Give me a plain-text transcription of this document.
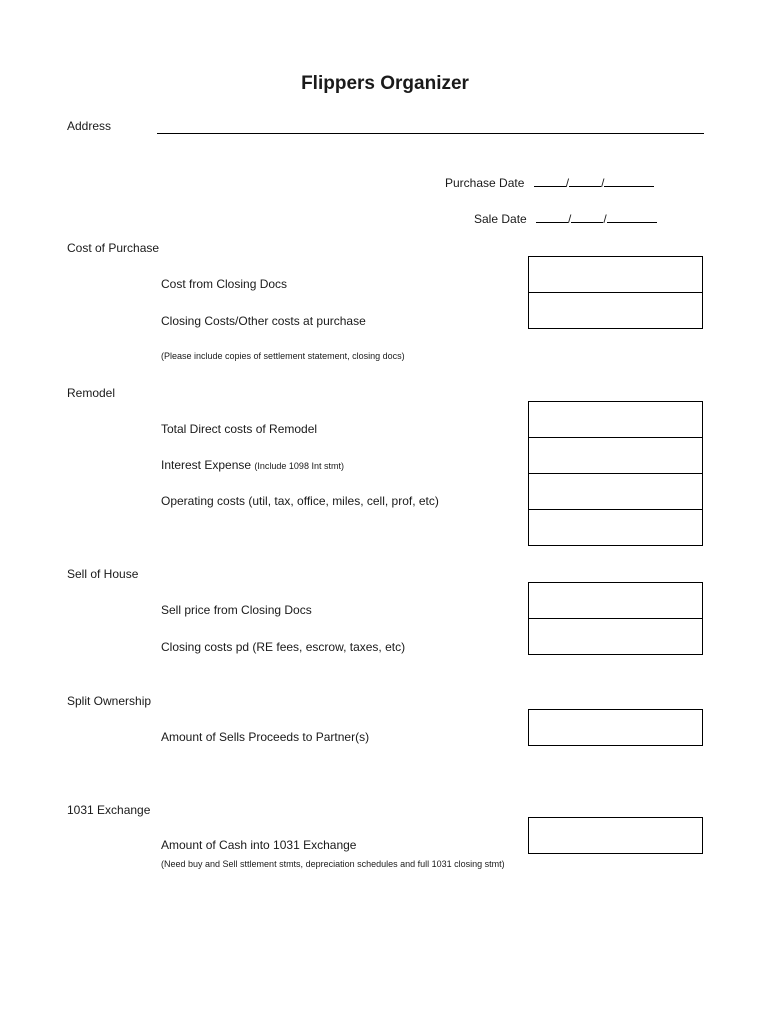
Flippers Organizer
Address
Purchase Date	/	/
Sale Date	/	/
Cost of Purchase
Cost from Closing Docs
Closing Costs/Other costs at purchase
(Please include copies of settlement statement, closing docs)
Remodel
Total Direct costs of Remodel
Interest Expense (Include 1098 Int stmt)
Operating costs (util, tax, office, miles, cell, prof, etc)
Sell of House
Sell price from Closing Docs
Closing costs pd (RE fees, escrow, taxes, etc)
Split Ownership
Amount of Sells Proceeds to Partner(s)
1031 Exchange
Amount of Cash into 1031 Exchange
(Need buy and Sell sttlement stmts, depreciation schedules and full 1031 closing stmt)
